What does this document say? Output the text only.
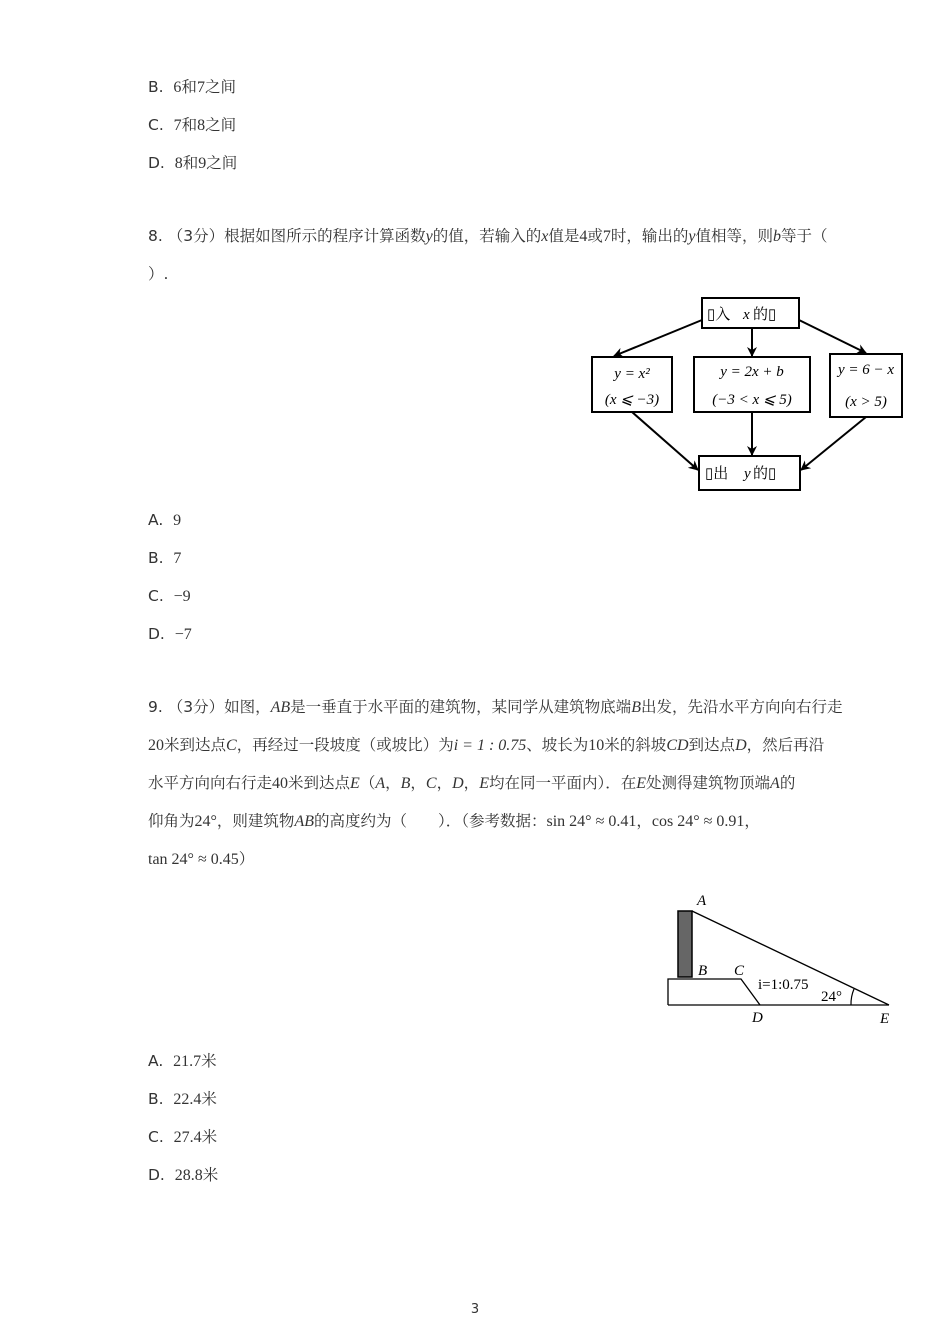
B. 6和7之间
C. 7和8之间
D. 8和9之间
8. （3分）根据如图所示的程序计算函数y的值，若输入的x值是4或7时，输出的y值相等，则b等于（
）.
▯入 x 的▯
y = x²
(x ⩽ −3)
y = 2x + b
(−3 < x ⩽ 5)
y = 6 − x
(x > 5)
▯出 y 的▯
A. 9
B. 7
C. −9
D. −7
9. （3分）如图，AB是一垂直于水平面的建筑物，某同学从建筑物底端B出发，先沿水平方向向右行走
20米到达点C，再经过一段坡度（或坡比）为i = 1 : 0.75、坡长为10米的斜坡CD到达点D，然后再沿
水平方向向右行走40米到达点E（A，B，C，D，E均在同一平面内）．在E处测得建筑物顶端A的
仰角为24°，则建筑物AB的高度约为（　　）．（参考数据：sin 24° ≈ 0.41，cos 24° ≈ 0.91，
tan 24° ≈ 0.45）
A
B C
D	E
i=1:0.75
24°
A. 21.7米
B. 22.4米
C. 27.4米
D. 28.8米
3
